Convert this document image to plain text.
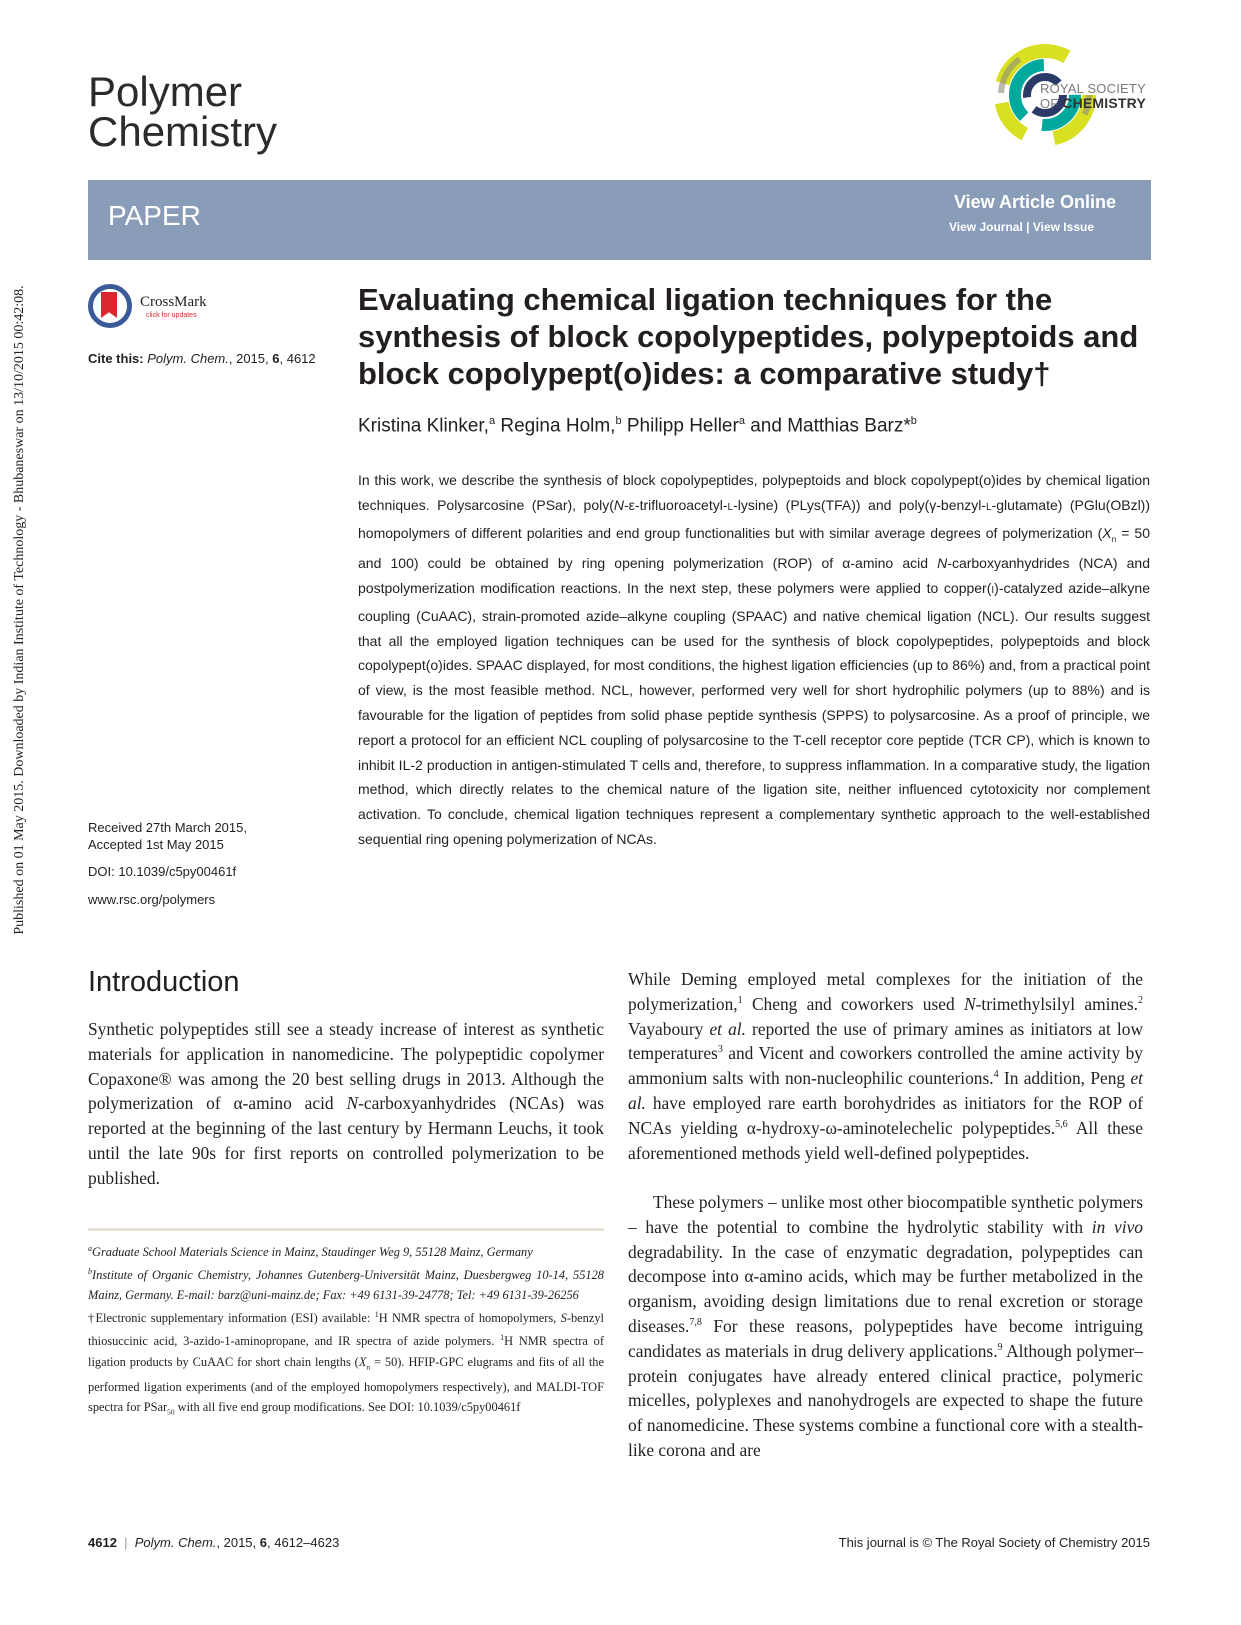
Published on 01 May 2015. Downloaded by Indian Institute of Technology - Bhubaneswar on 13/10/2015 00:42:08.
Polymer
Chemistry
ROYAL SOCIETY
OF CHEMISTRY
PAPER	View Article Online
View Journal | View Issue
CrossMark
click for updates
Cite this: Polym. Chem., 2015, 6, 4612
Received 27th March 2015,
Accepted 1st May 2015
DOI: 10.1039/c5py00461f
www.rsc.org/polymers
Evaluating chemical ligation techniques for the synthesis of block copolypeptides, polypeptoids and block copolypept(o)ides: a comparative study†
Kristina Klinker,$^a$ Regina Holm,$^b$ Philipp Heller$^a$ and Matthias Barz*$^b$

In this work, we describe the synthesis of block copolypeptides, polypeptoids and block copolypept(o)ides by chemical ligation techniques. Polysarcosine (PSar), poly(N-ε-trifluoroacetyl-L-lysine) (PLys(TFA)) and poly(γ-benzyl-L-glutamate) (PGlu(OBzl)) homopolymers of different polarities and end group functionalities but with similar average degrees of polymerization ($X_n = 50$ and 100) could be obtained by ring opening polymerization (ROP) of α-amino acid N-carboxyanhydrides (NCA) and postpolymerization modification reactions. In the next step, these polymers were applied to copper(I)-catalyzed azide–alkyne coupling (CuAAC), strain-promoted azide–alkyne coupling (SPAAC) and native chemical ligation (NCL). Our results suggest that all the employed ligation techniques can be used for the synthesis of block copolypeptides, polypeptoids and block copolypept(o)ides. SPAAC displayed, for most conditions, the highest ligation efficiencies (up to 86%) and, from a practical point of view, is the most feasible method. NCL, however, performed very well for short hydrophilic polymers (up to 88%) and is favourable for the ligation of peptides from solid phase peptide synthesis (SPPS) to polysarcosine. As a proof of principle, we report a protocol for an efficient NCL coupling of polysarcosine to the T-cell receptor core peptide (TCR CP), which is known to inhibit IL-2 production in antigen-stimulated T cells and, therefore, to suppress inflammation. In a comparative study, the ligation method, which directly relates to the chemical nature of the ligation site, neither influenced cytotoxicity nor complement activation. To conclude, chemical ligation techniques represent a complementary synthetic approach to the well-established sequential ring opening polymerization of NCAs.

Introduction

Synthetic polypeptides still see a steady increase of interest as synthetic materials for application in nanomedicine. The polypeptidic copolymer Copaxone® was among the 20 best selling drugs in 2013. Although the polymerization of α-amino acid N-carboxyanhydrides (NCAs) was reported at the beginning of the last century by Hermann Leuchs, it took until the late 90s for first reports on controlled polymerization to be published.

While Deming employed metal complexes for the initiation of the polymerization,$^1$ Cheng and coworkers used N-trimethylsilyl amines.$^2$ Vayaboury et al. reported the use of primary amines as initiators at low temperatures$^3$ and Vicent and coworkers controlled the amine activity by ammonium salts with non-nucleophilic counterions.$^4$ In addition, Peng et al. have employed rare earth borohydrides as initiators for the ROP of NCAs yielding α-hydroxy-ω-aminotelechelic polypeptides.$^{5,6}$ All these aforementioned methods yield well-defined polypeptides.

These polymers – unlike most other biocompatible synthetic polymers – have the potential to combine the hydrolytic stability with in vivo degradability. In the case of enzymatic degradation, polypeptides can decompose into α-amino acids, which may be further metabolized in the organism, avoiding design limitations due to renal excretion or storage diseases.$^{7,8}$ For these reasons, polypeptides have become intriguing candidates as materials in drug delivery applications.$^9$ Although polymer–protein conjugates have already entered clinical practice, polymeric micelles, polyplexes and nanohydrogels are expected to shape the future of nanomedicine. These systems combine a functional core with a stealth-like corona and are

$^a$Graduate School Materials Science in Mainz, Staudinger Weg 9, 55128 Mainz, Germany

$^b$Institute of Organic Chemistry, Johannes Gutenberg-Universität Mainz, Duesbergweg 10-14, 55128 Mainz, Germany. E-mail: barz@uni-mainz.de; Fax: +49 6131-39-24778; Tel: +49 6131-39-26256

†Electronic supplementary information (ESI) available: $^1$H NMR spectra of homopolymers, S-benzyl thiosuccinic acid, 3-azido-1-aminopropane, and IR spectra of azide polymers. $^1$H NMR spectra of ligation products by CuAAC for short chain lengths $(X_n = 50)$. HFIP-GPC elugrams and fits of all the performed ligation experiments (and of the employed homopolymers respectively), and MALDI-TOF spectra for PSar$_{50}$ with all five end group modifications. See DOI: 10.1039/c5py00461f

4612  |  Polym. Chem., 2015, 6, 4612–4623	This journal is © The Royal Society of Chemistry 2015
